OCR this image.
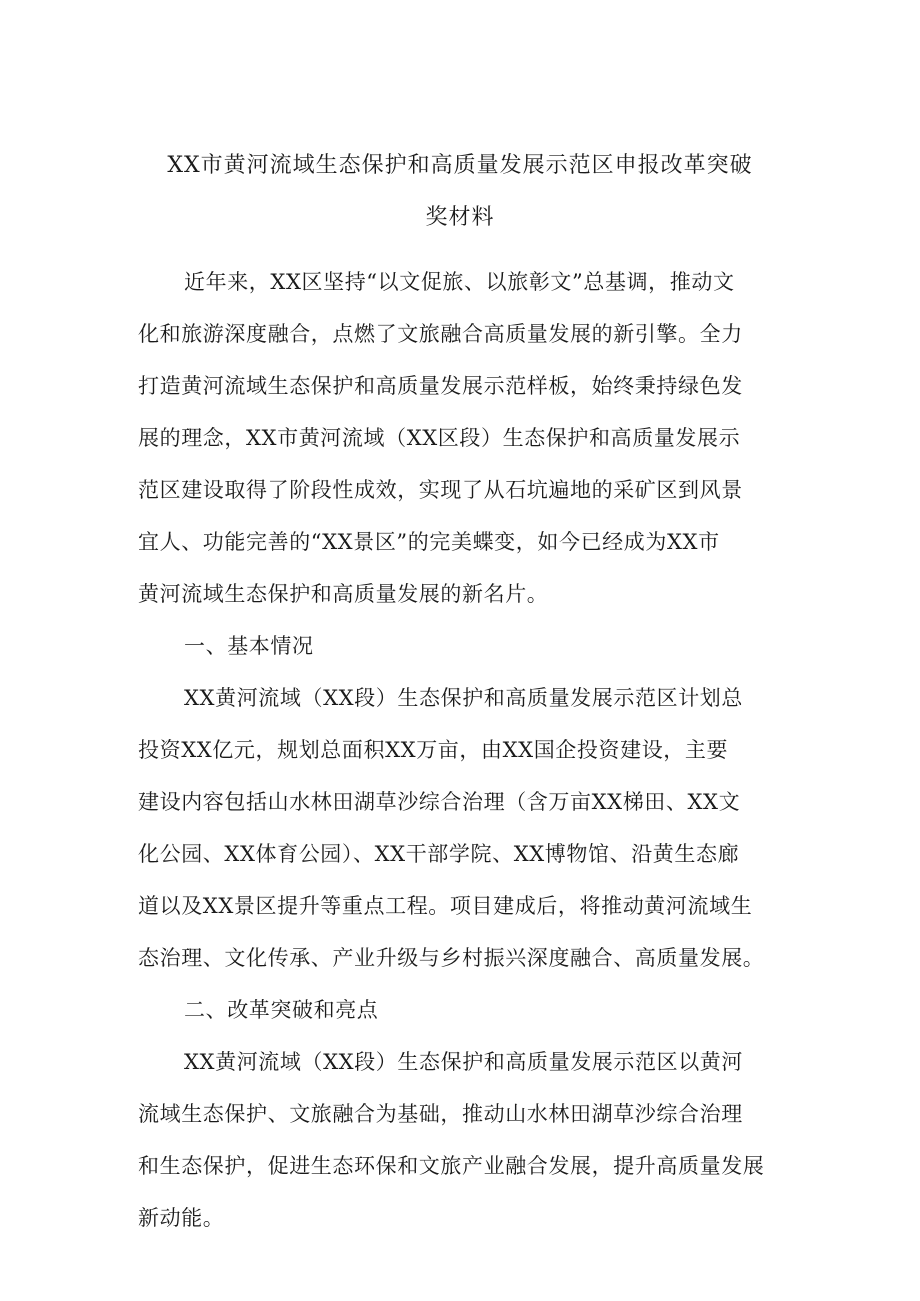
XX市黄河流域生态保护和高质量发展示范区申报改革突破
奖材料
近年来，XX区坚持“以文促旅、以旅彰文”总基调，推动文
化和旅游深度融合，点燃了文旅融合高质量发展的新引擎。全力
打造黄河流域生态保护和高质量发展示范样板，始终秉持绿色发
展的理念，XX市黄河流域（XX区段）生态保护和高质量发展示
范区建设取得了阶段性成效，实现了从石坑遍地的采矿区到风景
宜人、功能完善的“XX景区”的完美蝶变，如今已经成为XX市
黄河流域生态保护和高质量发展的新名片。
一、基本情况
XX黄河流域（XX段）生态保护和高质量发展示范区计划总
投资XX亿元，规划总面积XX万亩，由XX国企投资建设，主要
建设内容包括山水林田湖草沙综合治理（含万亩XX梯田、XX文
化公园、XX体育公园）、XX干部学院、XX博物馆、沿黄生态廊
道以及XX景区提升等重点工程。项目建成后，将推动黄河流域生
态治理、文化传承、产业升级与乡村振兴深度融合、高质量发展。
二、改革突破和亮点
XX黄河流域（XX段）生态保护和高质量发展示范区以黄河
流域生态保护、文旅融合为基础，推动山水林田湖草沙综合治理
和生态保护，促进生态环保和文旅产业融合发展，提升高质量发展
新动能。
